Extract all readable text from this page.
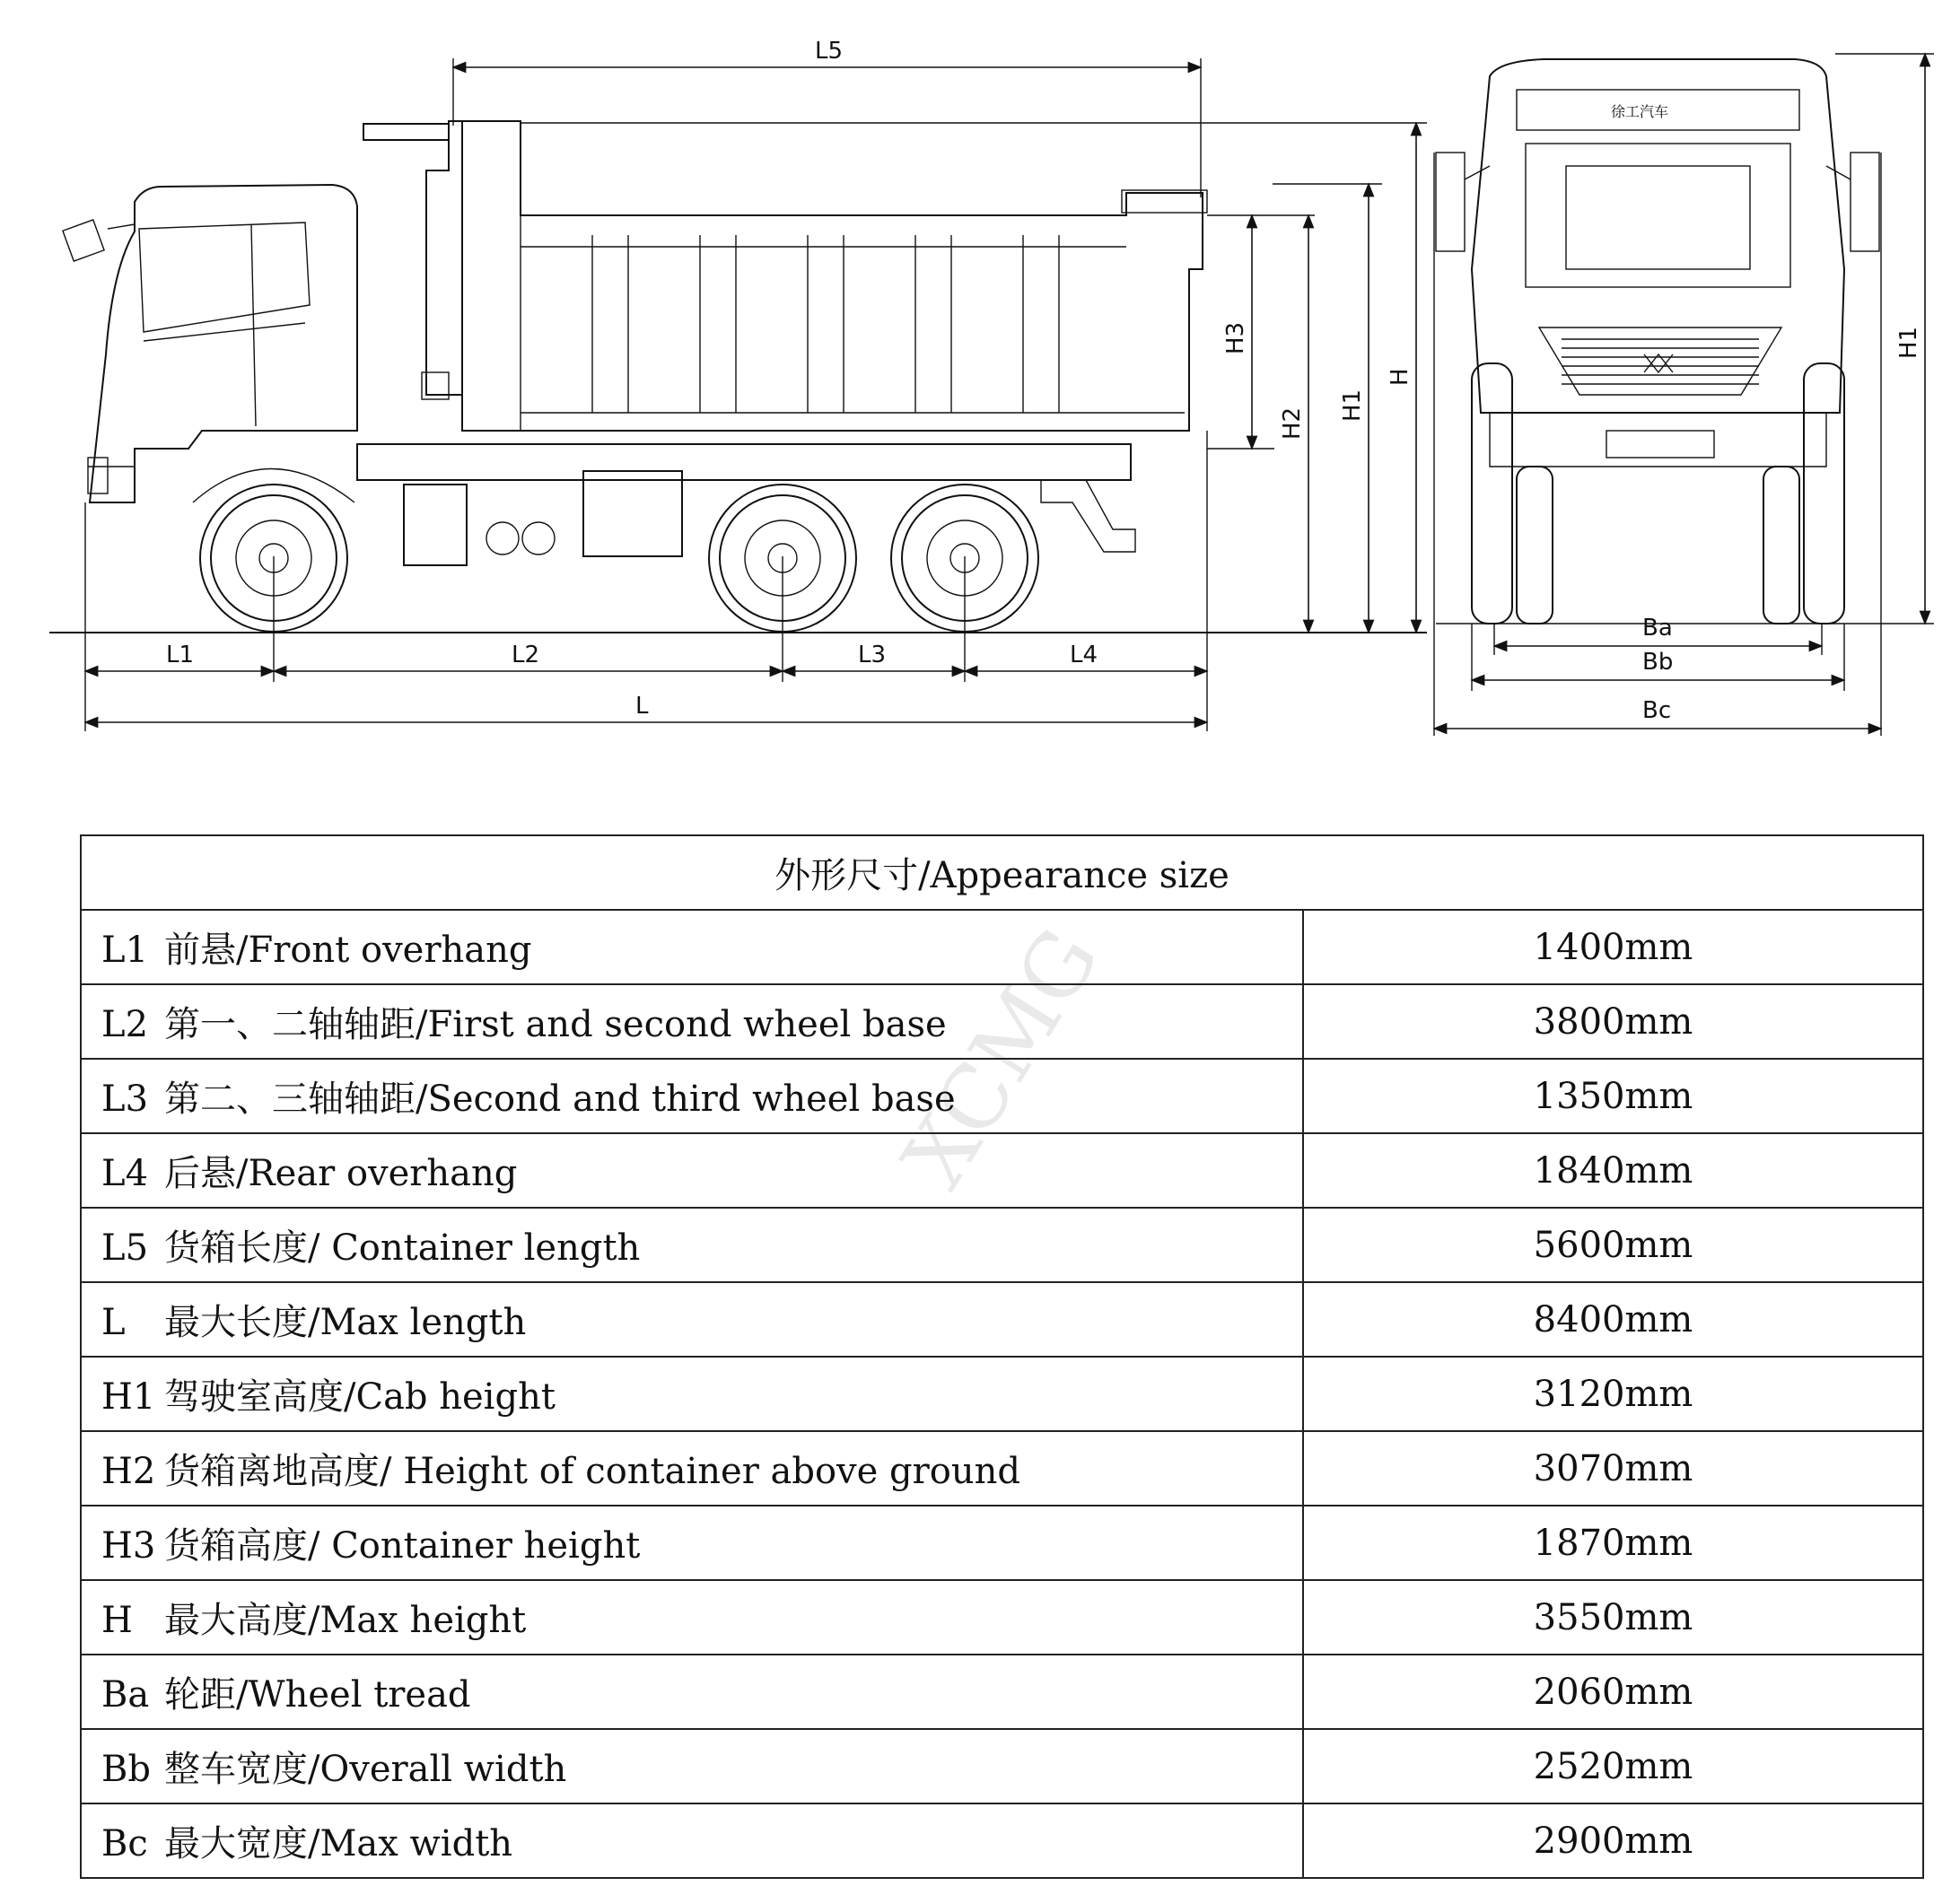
XCMG
L5
L1	L2	L3	L4
L
H3
H2
H1
H
徐工汽车
Ba
Bb
Bc
H1
外形尺寸/Appearance size	
L1 前悬/Front overhang	1400mm
L2 第一、二轴轴距/First and second wheel base	3800mm
L3 第二、三轴轴距/Second and third wheel base	1350mm
L4 后悬/Rear overhang	1840mm
L5 货箱长度/ Container length	5600mm
L 最大长度/Max length	8400mm
H1 驾驶室高度/Cab height	3120mm
H2 货箱离地高度/ Height of container above ground	3070mm
H3 货箱高度/ Container height	1870mm
H 最大高度/Max height	3550mm
Ba 轮距/Wheel tread	2060mm
Bb 整车宽度/Overall width	2520mm
Bc 最大宽度/Max width	2900mm
